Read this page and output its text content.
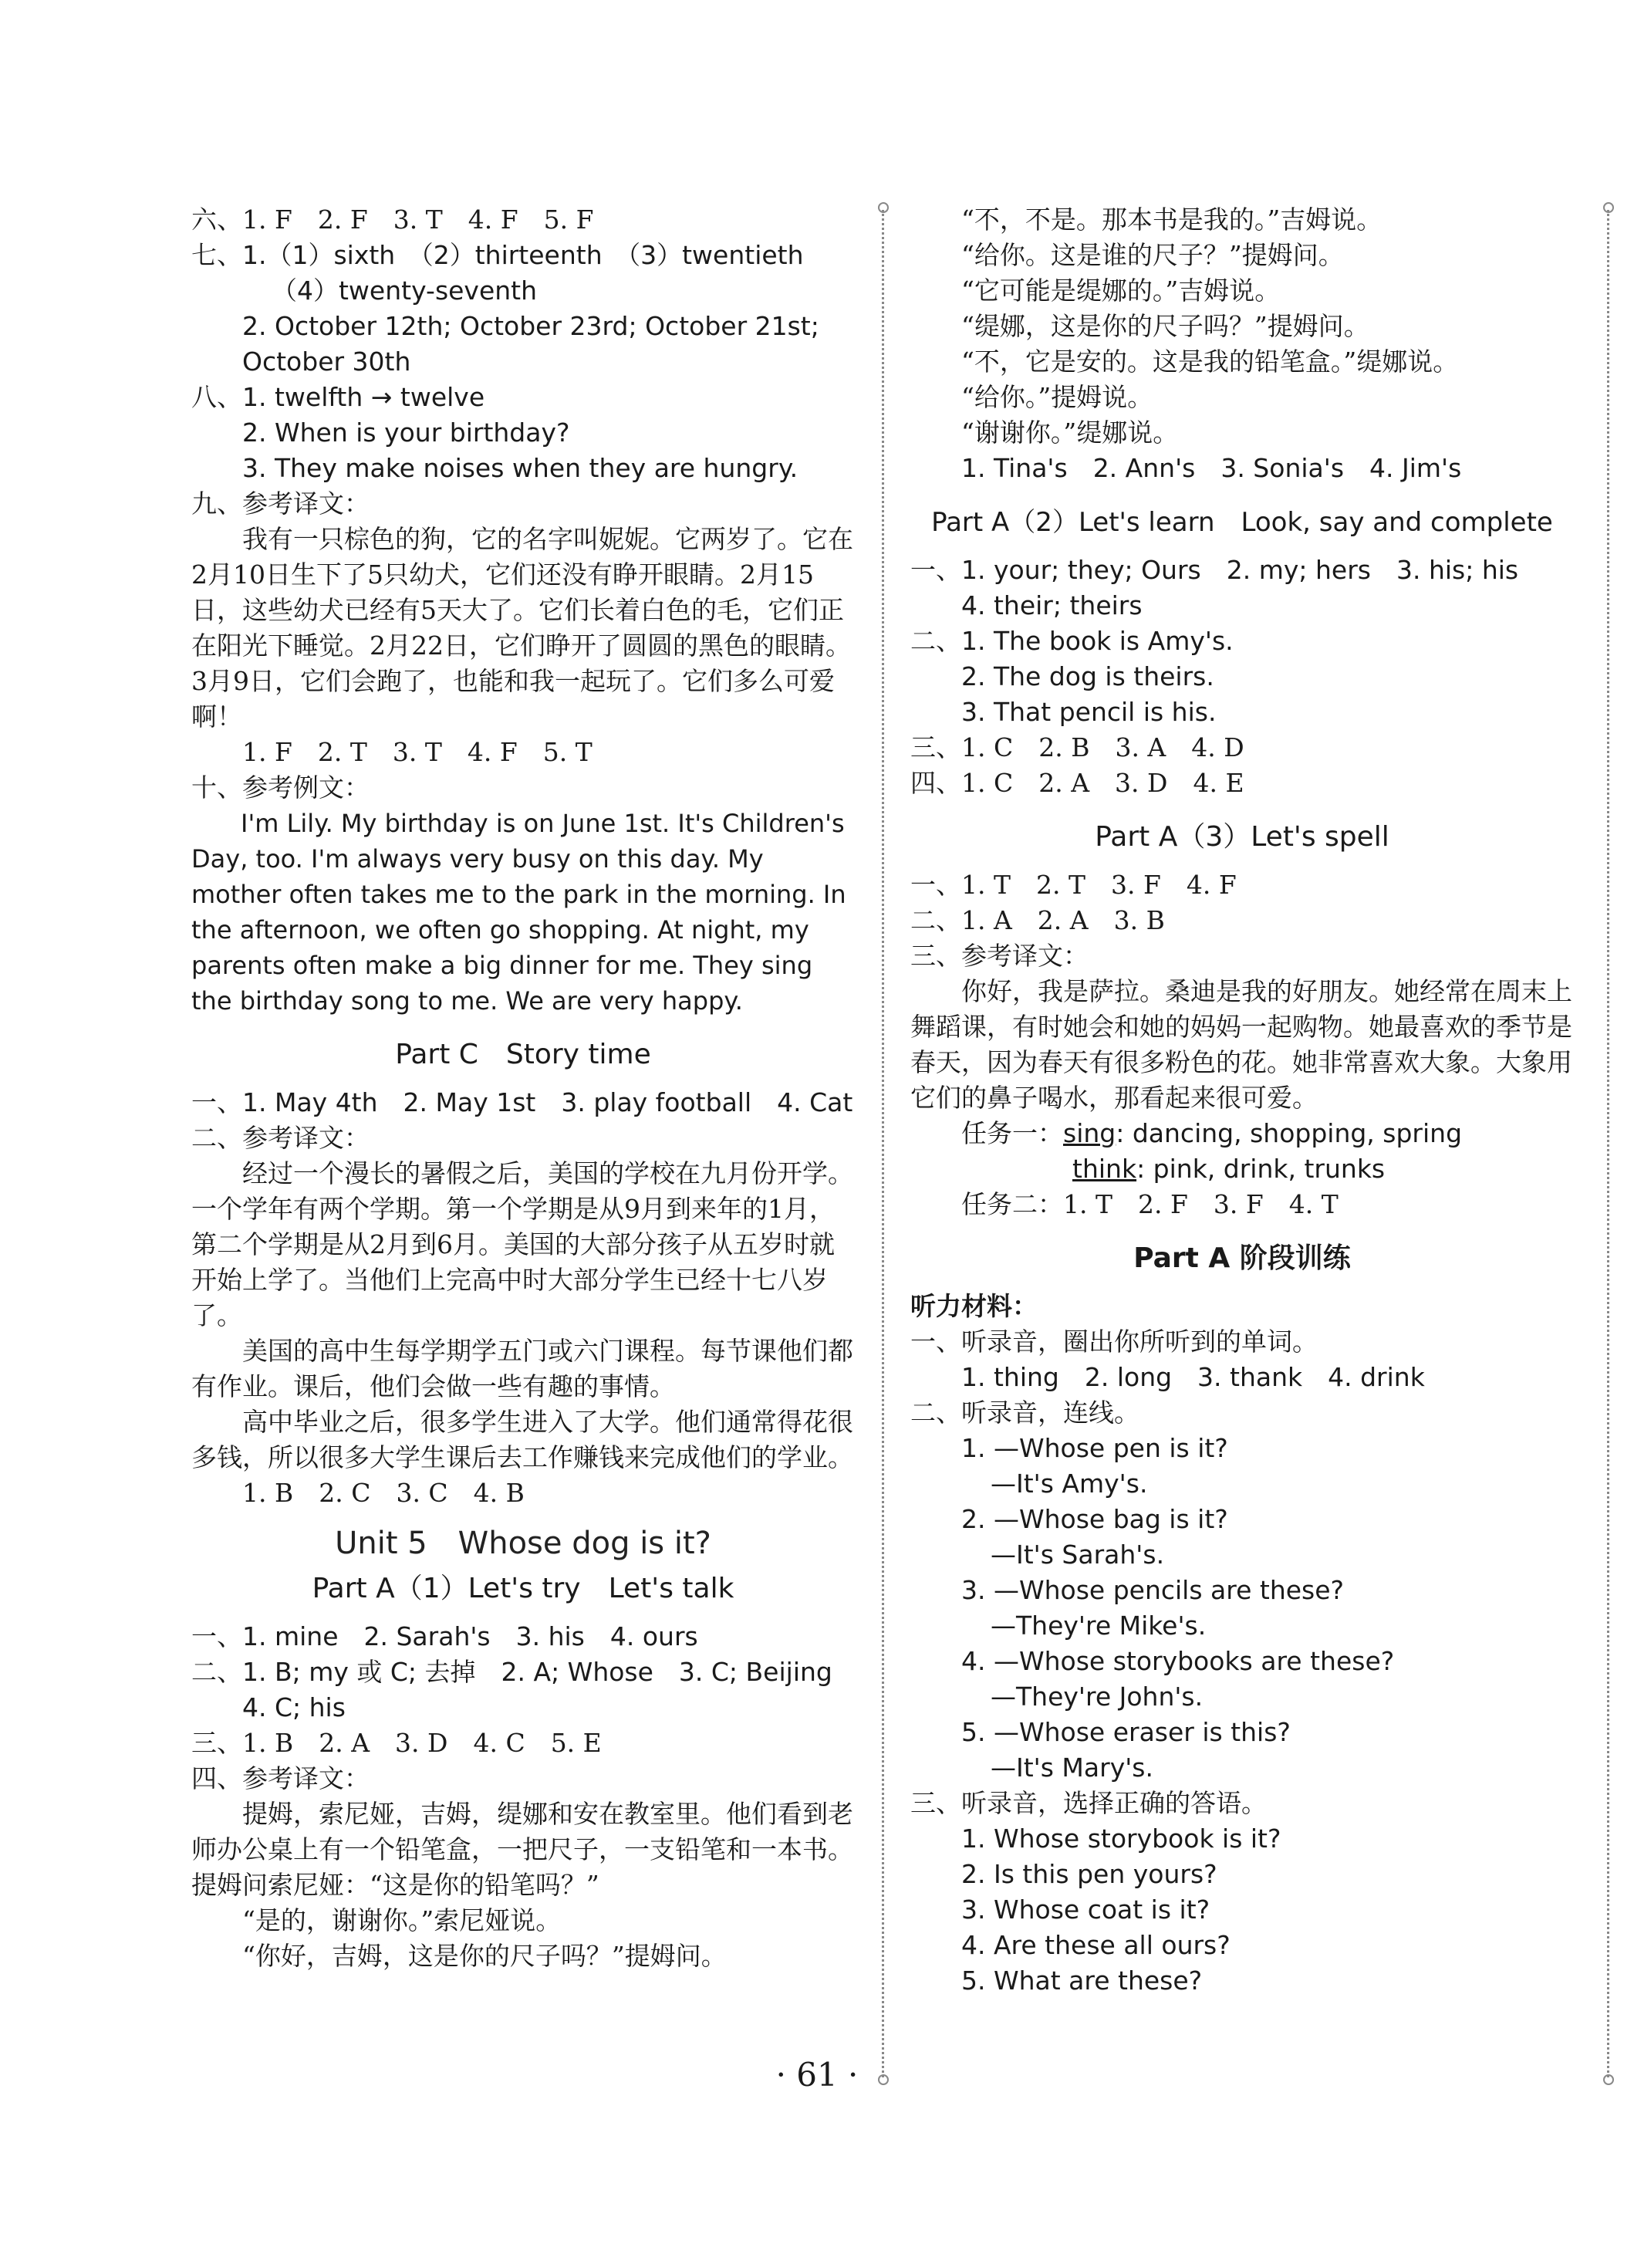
六、1. F　2. F　3. T　4. F　5. F
七、1.（1）sixth　（2）thirteenth　（3）twentieth
（4）twenty-seventh
2. October 12th; October 23rd; October 21st;
October 30th
八、1. twelfth → twelve
2. When is your birthday?
3. They make noises when they are hungry.
九、参考译文：
我有一只棕色的狗，它的名字叫妮妮。它两岁了。它在2月10日生下了5只幼犬，它们还没有睁开眼睛。2月15日，这些幼犬已经有5天大了。它们长着白色的毛，它们正在阳光下睡觉。2月22日，它们睁开了圆圆的黑色的眼睛。3月9日，它们会跑了，也能和我一起玩了。它们多么可爱啊！
1. F　2. T　3. T　4. F　5. T
十、参考例文：
I'm Lily. My birthday is on June 1st. It's Children's Day, too. I'm always very busy on this day. My mother often takes me to the park in the morning. In the afternoon, we often go shopping. At night, my parents often make a big dinner for me. They sing the birthday song to me. We are very happy.
Part C　Story time
一、1. May 4th　2. May 1st　3. play football　4. Cat
二、参考译文：
经过一个漫长的暑假之后，美国的学校在九月份开学。一个学年有两个学期。第一个学期是从9月到来年的1月，第二个学期是从2月到6月。美国的大部分孩子从五岁时就开始上学了。当他们上完高中时大部分学生已经十七八岁了。
美国的高中生每学期学五门或六门课程。每节课他们都有作业。课后，他们会做一些有趣的事情。
高中毕业之后，很多学生进入了大学。他们通常得花很多钱，所以很多大学生课后去工作赚钱来完成他们的学业。
1. B　2. C　3. C　4. B
Unit 5　Whose dog is it?
Part A（1）Let's try　Let's talk
一、1. mine　2. Sarah's　3. his　4. ours
二、1. B; my 或 C; 去掉　2. A; Whose　3. C; Beijing
4. C; his
三、1. B　2. A　3. D　4. C　5. E
四、参考译文：
提姆，索尼娅，吉姆，缇娜和安在教室里。他们看到老师办公桌上有一个铅笔盒，一把尺子，一支铅笔和一本书。提姆问索尼娅：“这是你的铅笔吗？”
“是的，谢谢你。”索尼娅说。
“你好，吉姆，这是你的尺子吗？”提姆问。
“不，不是。那本书是我的。”吉姆说。
“给你。这是谁的尺子？”提姆问。
“它可能是缇娜的。”吉姆说。
“缇娜，这是你的尺子吗？”提姆问。
“不，它是安的。这是我的铅笔盒。”缇娜说。
“给你。”提姆说。
“谢谢你。”缇娜说。
1. Tina's　2. Ann's　3. Sonia's　4. Jim's
Part A（2）Let's learn　Look, say and complete
一、1. your; they; Ours　2. my; hers　3. his; his
4. their; theirs
二、1. The book is Amy's.
2. The dog is theirs.
3. That pencil is his.
三、1. C　2. B　3. A　4. D
四、1. C　2. A　3. D　4. E
Part A（3）Let's spell
一、1. T　2. T　3. F　4. F
二、1. A　2. A　3. B
三、参考译文：
你好，我是萨拉。桑迪是我的好朋友。她经常在周末上舞蹈课，有时她会和她的妈妈一起购物。她最喜欢的季节是春天，因为春天有很多粉色的花。她非常喜欢大象。大象用它们的鼻子喝水，那看起来很可爱。
任务一：sing: dancing, shopping, spring
think: pink, drink, trunks
任务二：1. T　2. F　3. F　4. T
Part A 阶段训练
听力材料：
一、听录音，圈出你所听到的单词。
1. thing　2. long　3. thank　4. drink
二、听录音，连线。
1. —Whose pen is it?
—It's Amy's.
2. —Whose bag is it?
—It's Sarah's.
3. —Whose pencils are these?
—They're Mike's.
4. —Whose storybooks are these?
—They're John's.
5. —Whose eraser is this?
—It's Mary's.
三、听录音，选择正确的答语。
1. Whose storybook is it?
2. Is this pen yours?
3. Whose coat is it?
4. Are these all ours?
5. What are these?
· 61 ·
